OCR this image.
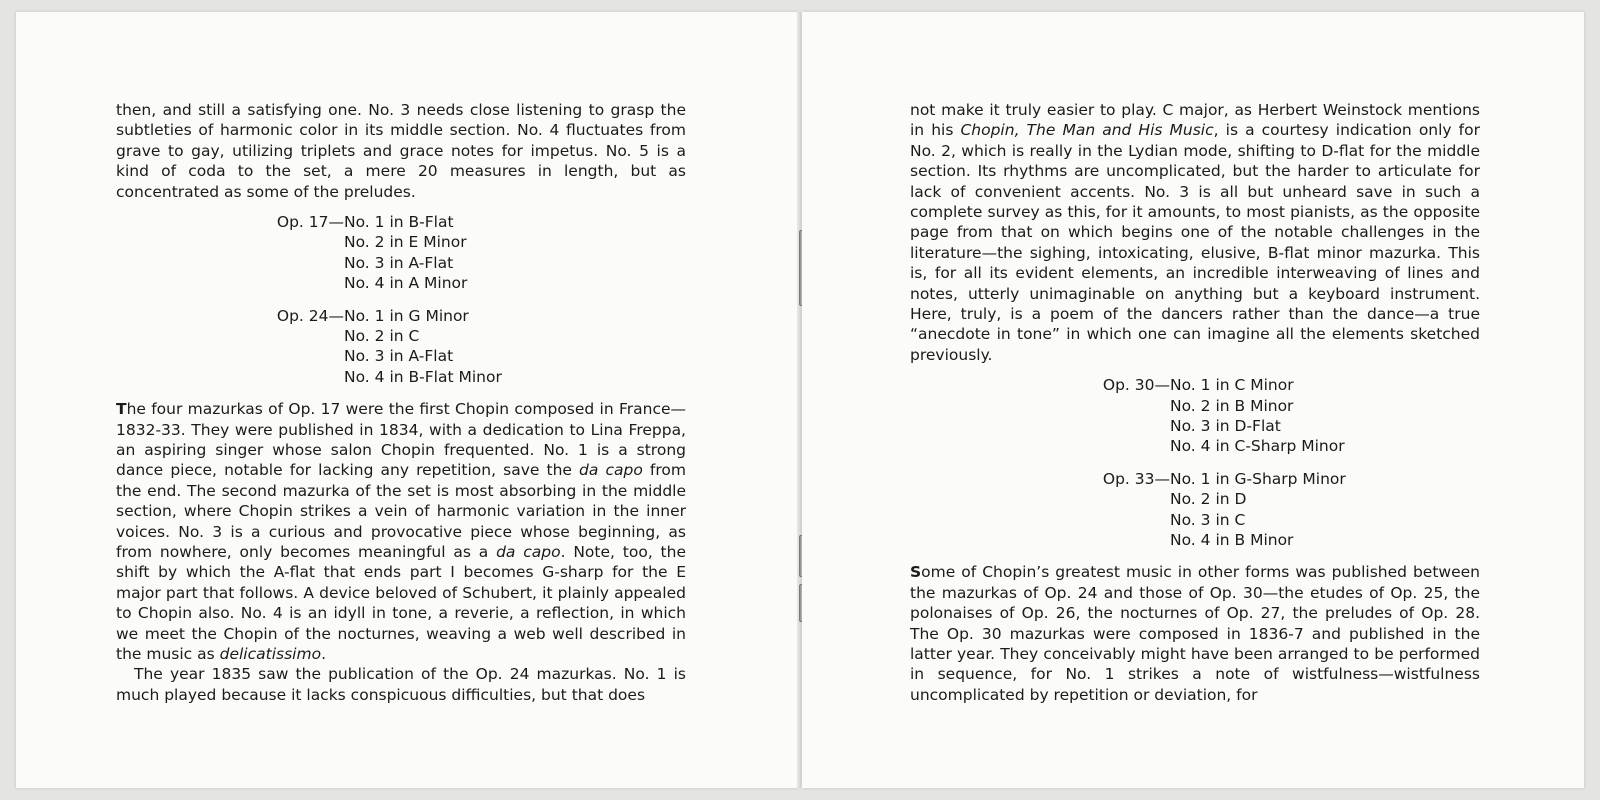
then, and still a satisfying one. No. 3 needs close listening to grasp the subtleties of harmonic color in its middle section. No. 4 fluctuates from grave to gay, utilizing triplets and grace notes for impetus. No. 5 is a kind of coda to the set, a mere 20 measures in length, but as concentrated as some of the preludes.

Op. 17— No. 1 in B-Flat
No. 2 in E Minor
No. 3 in A-Flat
No. 4 in A Minor
Op. 24— No. 1 in G Minor
No. 2 in C
No. 3 in A-Flat
No. 4 in B-Flat Minor

The four mazurkas of Op. 17 were the first Chopin composed in France—1832-33. They were published in 1834, with a dedication to Lina Freppa, an aspiring singer whose salon Chopin frequented. No. 1 is a strong dance piece, notable for lacking any repetition, save the da capo from the end. The second mazurka of the set is most absorbing in the middle section, where Chopin strikes a vein of harmonic variation in the inner voices. No. 3 is a curious and provocative piece whose beginning, as from nowhere, only becomes meaningful as a da capo. Note, too, the shift by which the A-flat that ends part I becomes G-sharp for the E major part that follows. A device beloved of Schubert, it plainly appealed to Chopin also. No. 4 is an idyll in tone, a reverie, a reflection, in which we meet the Chopin of the nocturnes, weaving a web well described in the music as delicatissimo.

The year 1835 saw the publication of the Op. 24 mazurkas. No. 1 is much played because it lacks conspicuous difficulties, but that does

not make it truly easier to play. C major, as Herbert Weinstock mentions in his Chopin, The Man and His Music, is a courtesy indication only for No. 2, which is really in the Lydian mode, shifting to D-flat for the middle section. Its rhythms are uncomplicated, but the harder to articulate for lack of convenient accents. No. 3 is all but unheard save in such a complete survey as this, for it amounts, to most pianists, as the opposite page from that on which begins one of the notable challenges in the literature—the sighing, intoxicating, elusive, B-flat minor mazurka. This is, for all its evident elements, an incredible interweaving of lines and notes, utterly unimaginable on anything but a keyboard instrument. Here, truly, is a poem of the dancers rather than the dance—a true “anecdote in tone” in which one can imagine all the elements sketched previously.

Op. 30— No. 1 in C Minor
No. 2 in B Minor
No. 3 in D-Flat
No. 4 in C-Sharp Minor
Op. 33— No. 1 in G-Sharp Minor
No. 2 in D
No. 3 in C
No. 4 in B Minor

Some of Chopin’s greatest music in other forms was published between the mazurkas of Op. 24 and those of Op. 30—the etudes of Op. 25, the polonaises of Op. 26, the nocturnes of Op. 27, the preludes of Op. 28. The Op. 30 mazurkas were composed in 1836-7 and published in the latter year. They conceivably might have been arranged to be performed in sequence, for No. 1 strikes a note of wistfulness—wistfulness uncomplicated by repetition or deviation, for
